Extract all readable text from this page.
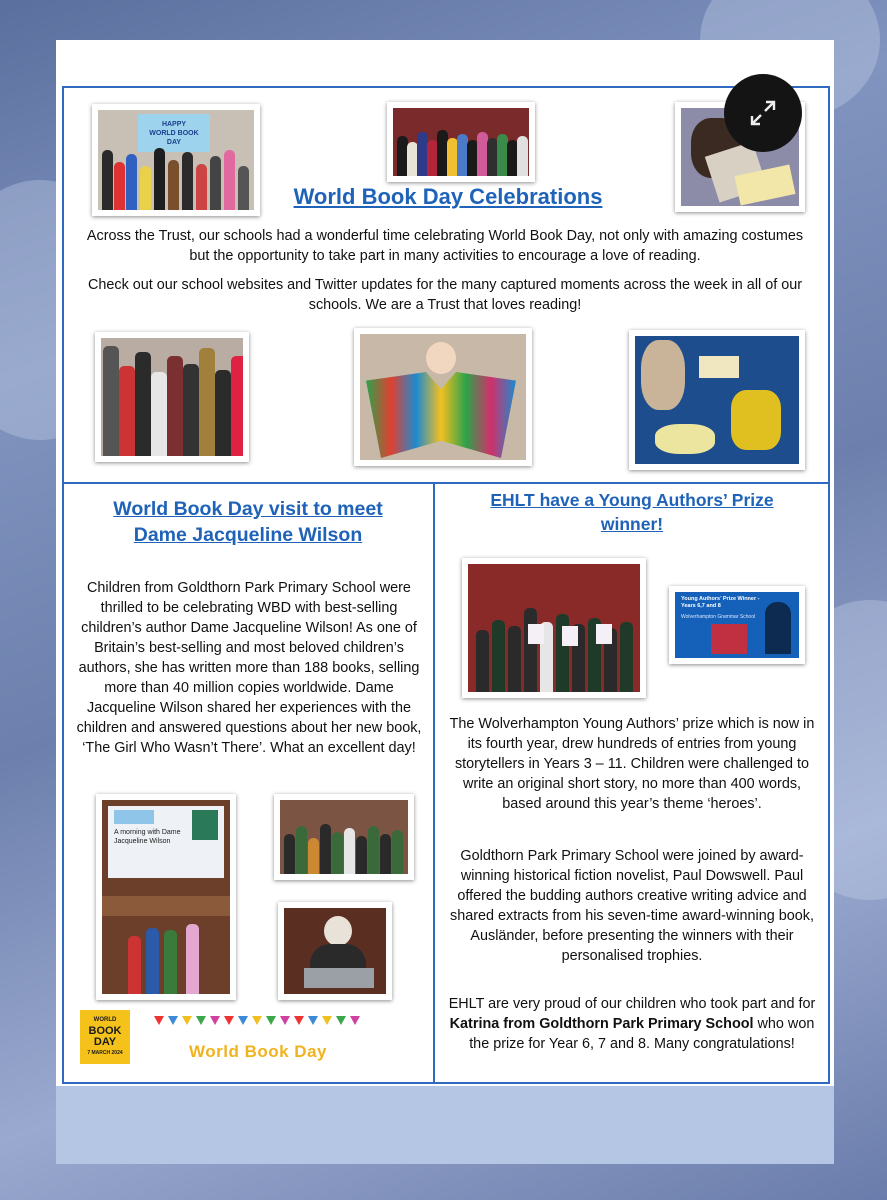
HAPPY WORLD BOOK DAY
World Book Day Celebrations
Across the Trust, our schools had a wonderful time celebrating World Book Day, not only with amazing costumes but the opportunity to take part in many activities to encourage a love of reading.
Check out our school websites and Twitter updates for the many captured moments across the week in all of our schools. We are a Trust that loves reading!
World Book Day visit to meet Dame Jacqueline Wilson
Children from Goldthorn Park Primary School were thrilled to be celebrating WBD with best-selling children’s author Dame Jacqueline Wilson! As one of Britain’s best-selling and most beloved children’s authors, she has written more than 188 books, selling more than 40 million copies worldwide. Dame Jacqueline Wilson shared her experiences with the children and answered questions about her new book, ‘The Girl Who Wasn’t There’. What an excellent day!
A morning with Dame Jacqueline Wilson
WORLD
BOOK
DAY
7 MARCH 2024	World Book Day
EHLT have a Young Authors’ Prize winner!
Young Authors’ Prize Winner - Years 6,7 and 8
Wolverhampton Grammar School
The Wolverhampton Young Authors’ prize which is now in its fourth year, drew hundreds of entries from young storytellers in Years 3 – 11. Children were challenged to write an original short story, no more than 400 words, based around this year’s theme ‘heroes’.
Goldthorn Park Primary School were joined by award-winning historical fiction novelist, Paul Dowswell. Paul offered the budding authors creative writing advice and shared extracts from his seven-time award-winning book, Ausländer, before presenting the winners with their personalised trophies.
EHLT are very proud of our children who took part and for Katrina from Goldthorn Park Primary School who won the prize for Year 6, 7 and 8. Many congratulations!
